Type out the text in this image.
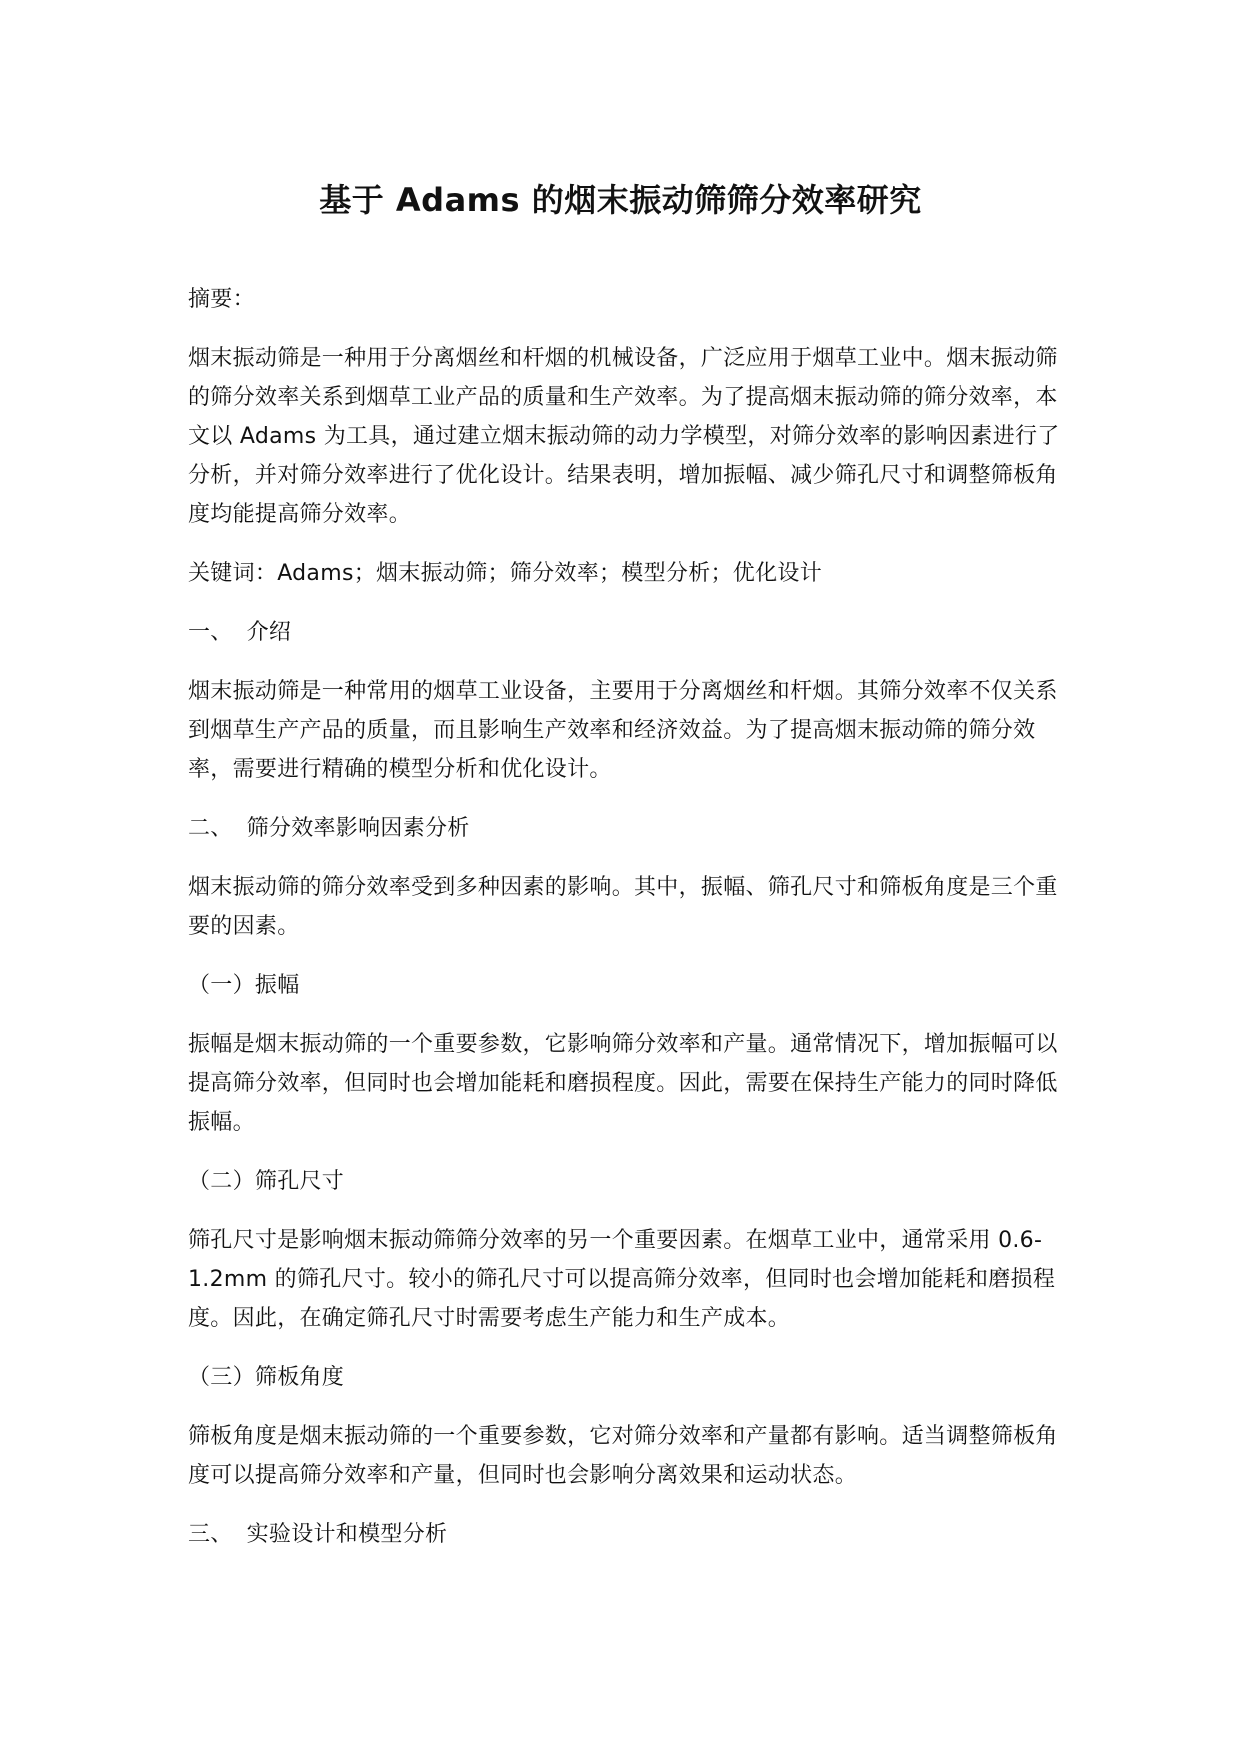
基于 Adams 的烟末振动筛筛分效率研究

摘要：

烟末振动筛是一种用于分离烟丝和杆烟的机械设备，广泛应用于烟草工业中。烟末振动筛的筛分效率关系到烟草工业产品的质量和生产效率。为了提高烟末振动筛的筛分效率，本文以 Adams 为工具，通过建立烟末振动筛的动力学模型，对筛分效率的影响因素进行了分析，并对筛分效率进行了优化设计。结果表明，增加振幅、减少筛孔尺寸和调整筛板角度均能提高筛分效率。

关键词：Adams；烟末振动筛；筛分效率；模型分析；优化设计

一、 介绍

烟末振动筛是一种常用的烟草工业设备，主要用于分离烟丝和杆烟。其筛分效率不仅关系到烟草生产产品的质量，而且影响生产效率和经济效益。为了提高烟末振动筛的筛分效率，需要进行精确的模型分析和优化设计。

二、 筛分效率影响因素分析

烟末振动筛的筛分效率受到多种因素的影响。其中，振幅、筛孔尺寸和筛板角度是三个重要的因素。

（一）振幅

振幅是烟末振动筛的一个重要参数，它影响筛分效率和产量。通常情况下，增加振幅可以提高筛分效率，但同时也会增加能耗和磨损程度。因此，需要在保持生产能力的同时降低振幅。

（二）筛孔尺寸

筛孔尺寸是影响烟末振动筛筛分效率的另一个重要因素。在烟草工业中，通常采用 0.6-1.2mm 的筛孔尺寸。较小的筛孔尺寸可以提高筛分效率，但同时也会增加能耗和磨损程度。因此，在确定筛孔尺寸时需要考虑生产能力和生产成本。

（三）筛板角度

筛板角度是烟末振动筛的一个重要参数，它对筛分效率和产量都有影响。适当调整筛板角度可以提高筛分效率和产量，但同时也会影响分离效果和运动状态。

三、 实验设计和模型分析
